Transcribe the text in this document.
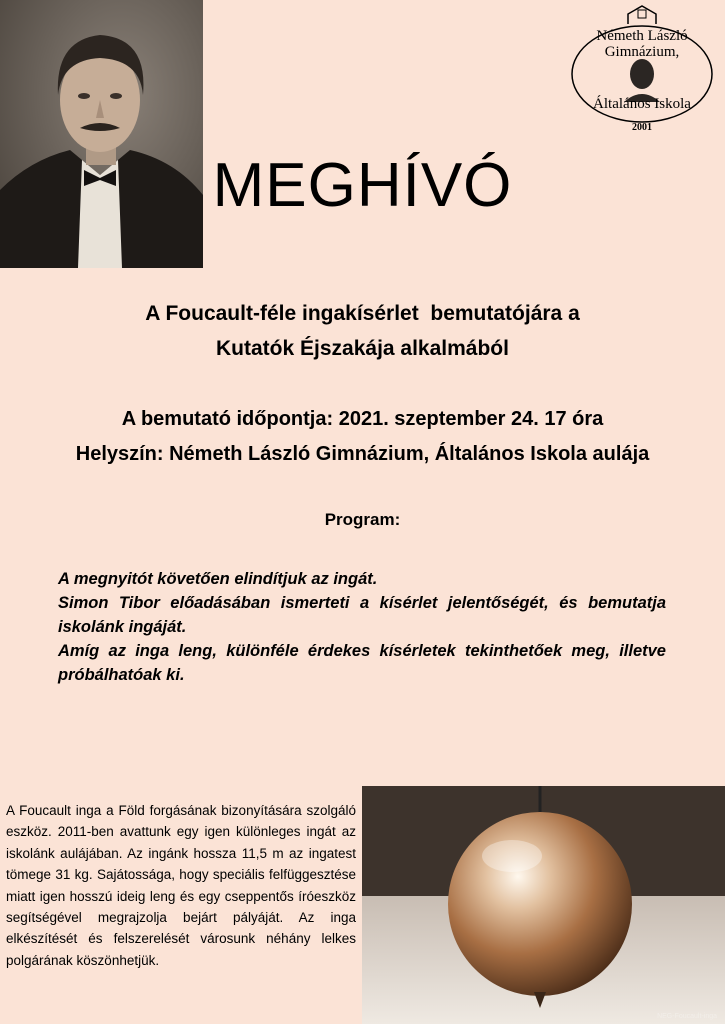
Németh László
Gimnázium,
Általános Iskola
2001
MEGHÍVÓ
A Foucault-féle ingakísérlet  bemutatójára a
Kutatók Éjszakája alkalmából
A bemutató időpontja: 2021. szeptember 24. 17 óra
Helyszín: Németh László Gimnázium, Általános Iskola aulája
Program:

A megnyitót követően elindítjuk az ingát.

Simon Tibor előadásában ismerteti a kísérlet jelentőségét, és bemutatja iskolánk ingáját.

Amíg az inga leng, különféle érdekes kísérletek tekinthetőek meg, illetve próbálhatóak ki.

A Foucault inga a Föld forgásának bizonyítására szolgáló eszköz. 2011-ben avattunk egy igen különleges ingát az iskolánk aulájában. Az ingánk hossza 11,5 m az ingatest tömege 31 kg. Sajátossága, hogy speciális felfüggesztése miatt igen hosszú ideig leng és egy cseppentős íróeszköz segítségével megrajzolja bejárt pályáját. Az inga elkészítését és felszerelését városunk néhány lelkes polgárának köszönhetjük.

NEG-Foucault-inga
